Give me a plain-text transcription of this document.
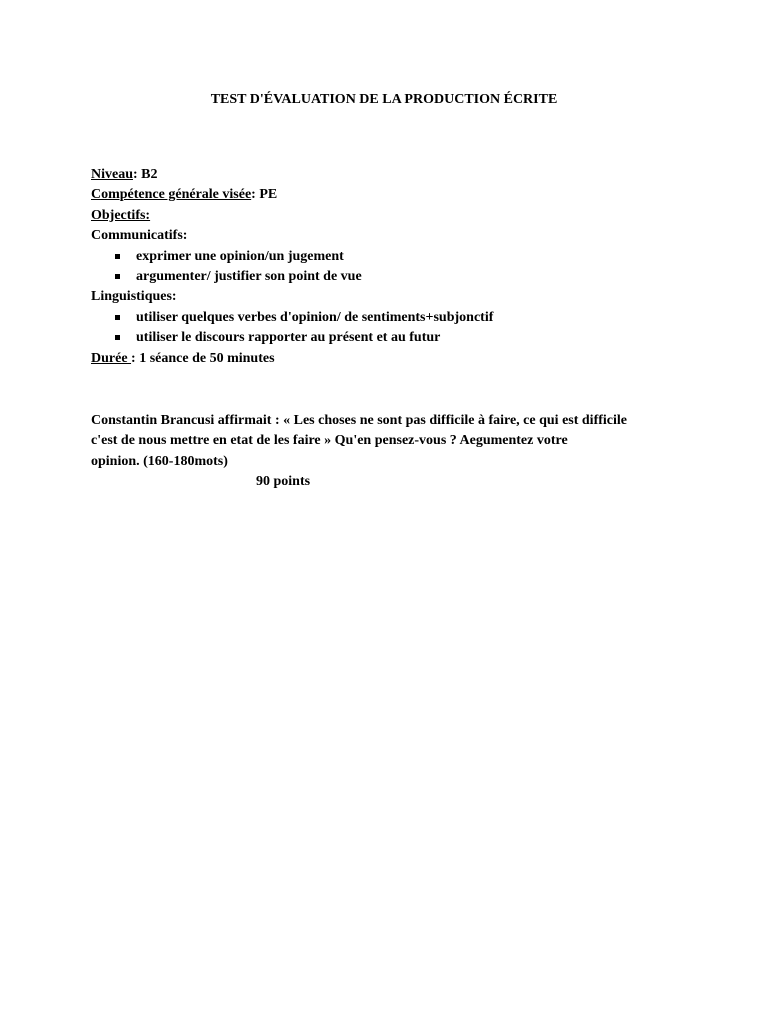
TEST D'ÉVALUATION DE LA PRODUCTION ÉCRITE
Niveau: B2
Compétence générale visée: PE
Objectifs:
Communicatifs:
exprimer une opinion/un jugement
argumenter/ justifier son point de vue
Linguistiques:
utiliser quelques verbes d'opinion/ de sentiments+subjonctif
utiliser le discours rapporter au présent et au futur
Durée : 1 séance de 50 minutes
Constantin Brancusi affirmait : « Les choses ne sont pas difficile à faire, ce qui est difficile
c'est de nous mettre en etat de les faire » Qu'en pensez-vous ? Aegumentez votre
opinion. (160-180mots)
90 points
